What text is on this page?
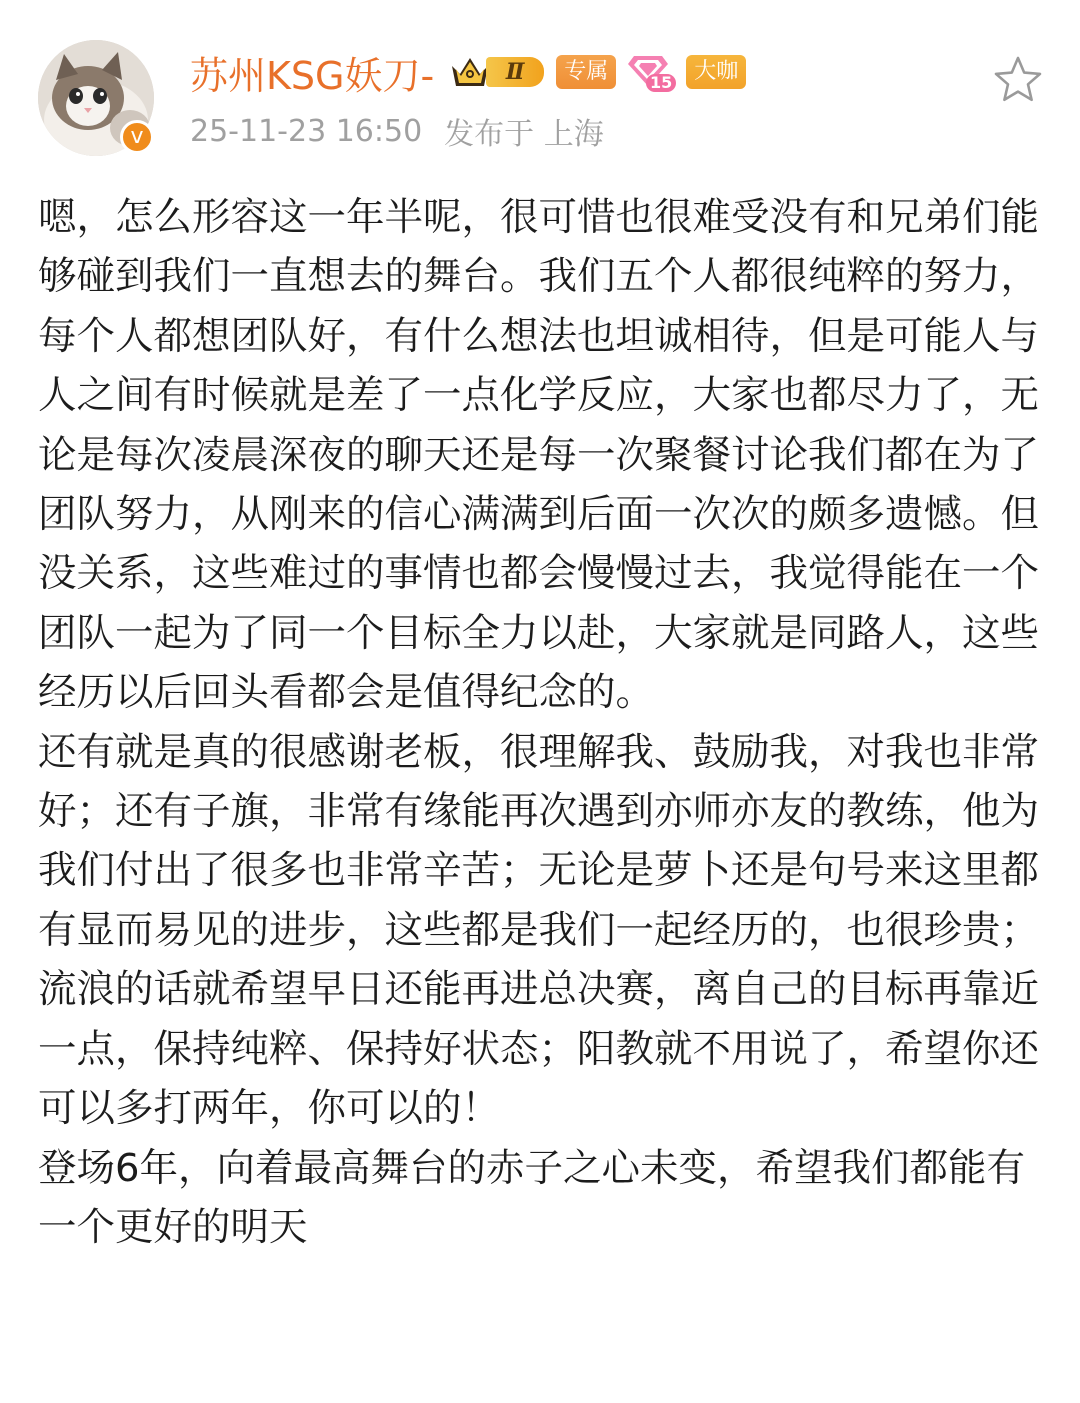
v
苏州KSG妖刀-	Ⅱ	专属	15	大咖
25-11-23 16:50 发布于 上海

嗯，怎么形容这一年半呢，很可惜也很难受没有和兄弟们能够碰到我们一直想去的舞台。我们五个人都很纯粹的努力，每个人都想团队好，有什么想法也坦诚相待，但是可能人与人之间有时候就是差了一点化学反应，大家也都尽力了，无论是每次凌晨深夜的聊天还是每一次聚餐讨论我们都在为了团队努力，从刚来的信心满满到后面一次次的颇多遗憾。但没关系，这些难过的事情也都会慢慢过去，我觉得能在一个团队一起为了同一个目标全力以赴，大家就是同路人，这些经历以后回头看都会是值得纪念的。

还有就是真的很感谢老板，很理解我、鼓励我，对我也非常好；还有子旗，非常有缘能再次遇到亦师亦友的教练，他为我们付出了很多也非常辛苦；无论是萝卜还是句号来这里都有显而易见的进步，这些都是我们一起经历的，也很珍贵；流浪的话就希望早日还能再进总决赛，离自己的目标再靠近一点，保持纯粹、保持好状态；阳教就不用说了，希望你还可以多打两年，你可以的！

登场6年，向着最高舞台的赤子之心未变，希望我们都能有一个更好的明天
